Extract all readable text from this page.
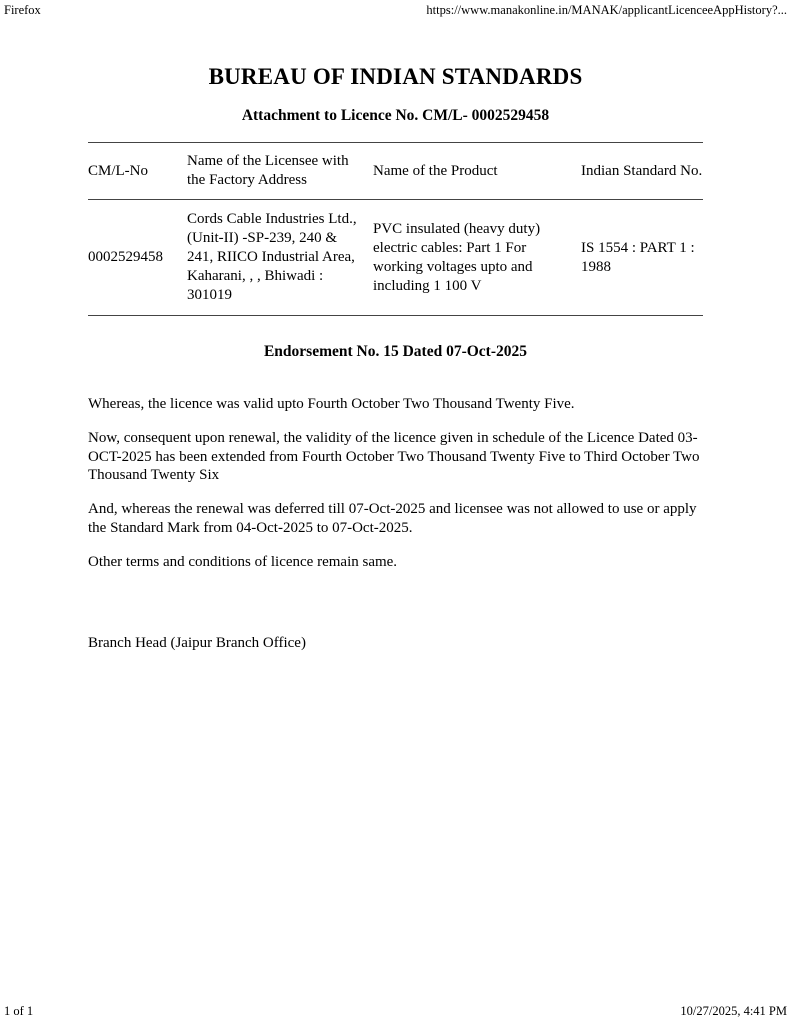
Firefox	https://www.manakonline.in/MANAK/applicantLicenceeAppHistory?...
BUREAU OF INDIAN STANDARDS
Attachment to Licence No. CM/L- 0002529458
CM/L-No	Name of the Licensee with the Factory Address	Name of the Product	Indian Standard No.
0002529458	Cords Cable Industries Ltd., (Unit-II) -SP-239, 240 & 241, RIICO Industrial Area, Kaharani, , , Bhiwadi : 301019	PVC insulated (heavy duty) electric cables: Part 1 For working voltages upto and including 1 100 V	IS 1554 : PART 1 : 1988
Endorsement No. 15 Dated 07-Oct-2025

Whereas, the licence was valid upto Fourth October Two Thousand Twenty Five.

Now, consequent upon renewal, the validity of the licence given in schedule of the Licence Dated 03-OCT-2025 has been extended from Fourth October Two Thousand Twenty Five to Third October Two Thousand Twenty Six

And, whereas the renewal was deferred till 07-Oct-2025 and licensee was not allowed to use or apply the Standard Mark from 04-Oct-2025 to 07-Oct-2025.

Other terms and conditions of licence remain same.

Branch Head (Jaipur Branch Office)
1 of 1	10/27/2025, 4:41 PM
